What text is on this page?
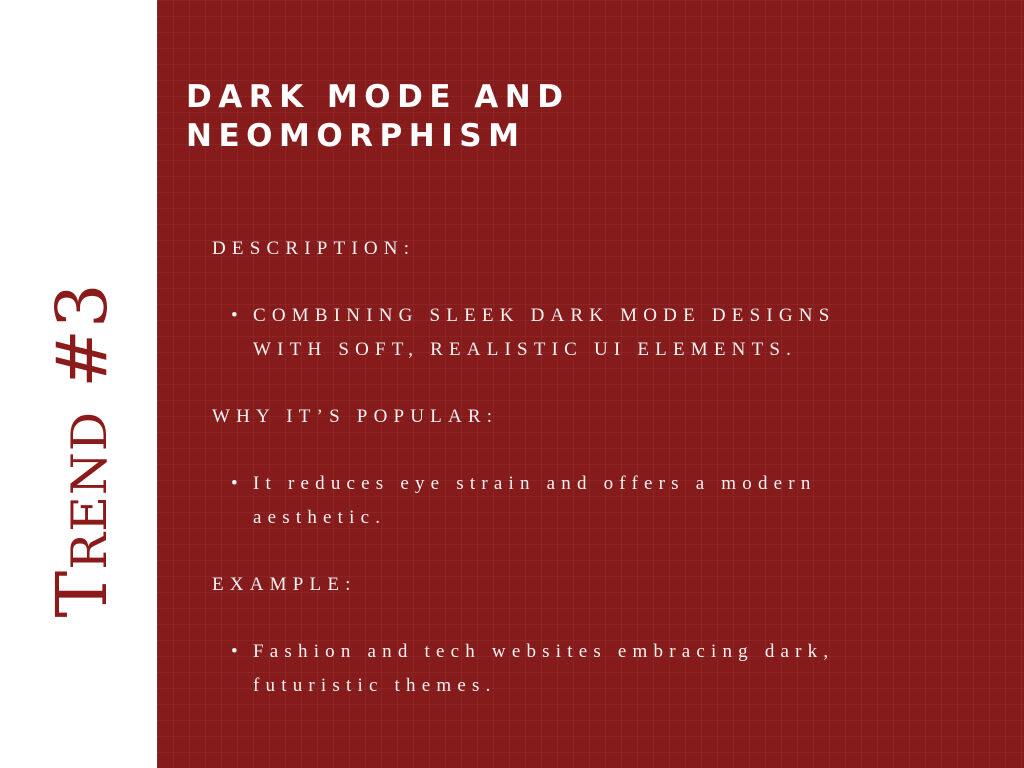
Trend #3
DARK MODE AND
NEOMORPHISM
DESCRIPTION:
• COMBINING SLEEK DARK MODE DESIGNS
WITH SOFT, REALISTIC UI ELEMENTS.
WHY IT’S POPULAR:
• It reduces eye strain and offers a modern
aesthetic.
EXAMPLE:
• Fashion and tech websites embracing dark,
futuristic themes.
